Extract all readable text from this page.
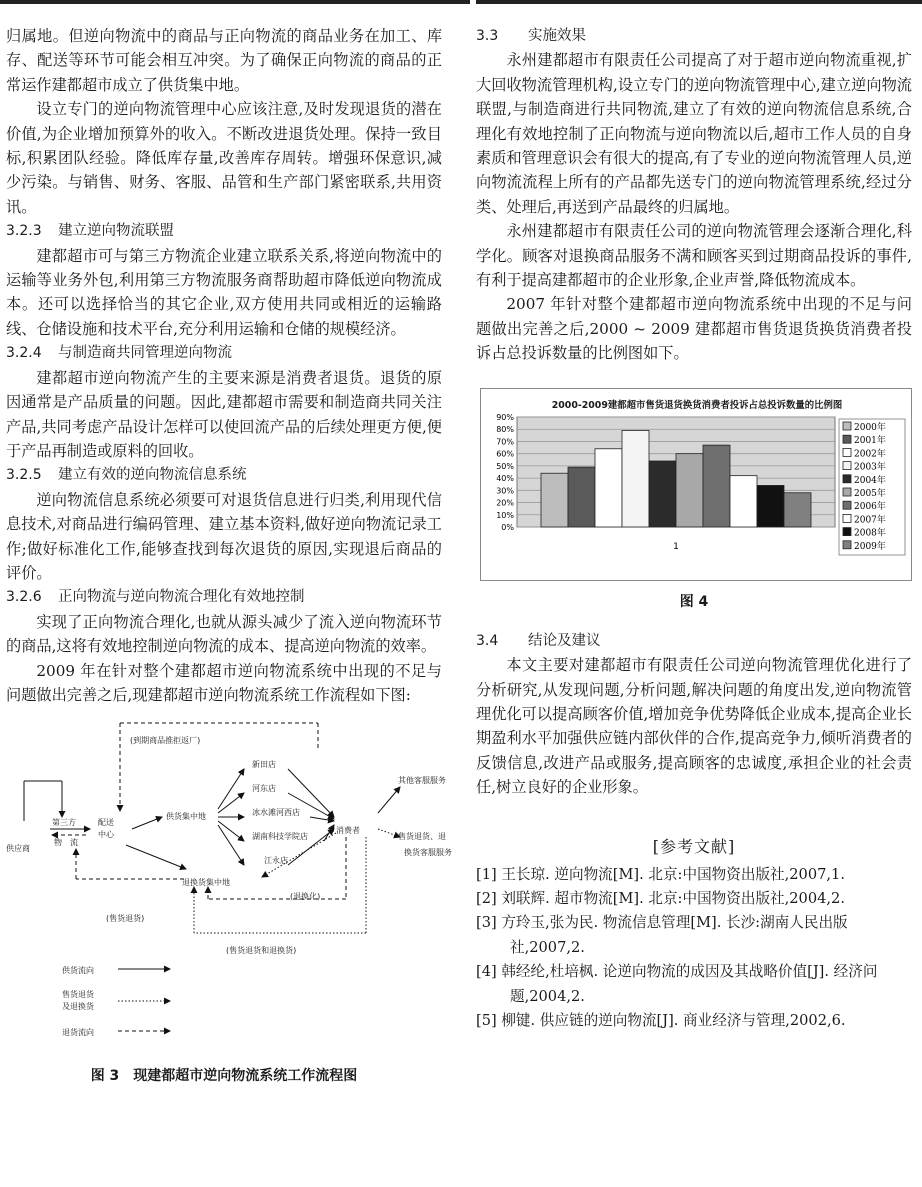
归属地。但逆向物流中的商品与正向物流的商品业务在加工、库存、配送等环节可能会相互冲突。为了确保正向物流的商品的正常运作建都超市成立了供货集中地。
设立专门的逆向物流管理中心应该注意,及时发现退货的潜在价值,为企业增加预算外的收入。不断改进退货处理。保持一致目标,积累团队经验。降低库存量,改善库存周转。增强环保意识,减少污染。与销售、财务、客服、品管和生产部门紧密联系,共用资讯。
3.2.3 建立逆向物流联盟
建都超市可与第三方物流企业建立联系关系,将逆向物流中的运输等业务外包,利用第三方物流服务商帮助超市降低逆向物流成本。还可以选择恰当的其它企业,双方使用共同或相近的运输路线、仓储设施和技术平台,充分利用运输和仓储的规模经济。
3.2.4 与制造商共同管理逆向物流
建都超市逆向物流产生的主要来源是消费者退货。退货的原因通常是产品质量的问题。因此,建都超市需要和制造商共同关注产品,共同考虑产品设计怎样可以使回流产品的后续处理更方便,便于产品再制造或原料的回收。
3.2.5 建立有效的逆向物流信息系统
逆向物流信息系统必须要可对退货信息进行归类,利用现代信息技术,对商品进行编码管理、建立基本资料,做好逆向物流记录工作;做好标准化工作,能够查找到每次退货的原因,实现退后商品的评价。
3.2.6 正向物流与逆向物流合理化有效地控制
实现了正向物流合理化,也就从源头减少了流入逆向物流环节的商品,这将有效地控制逆向物流的成本、提高逆向物流的效率。
2009 年在针对整个建都超市逆向物流系统中出现的不足与问题做出完善之后,现建都超市逆向物流系统工作流程如下图:
供应商
第三方
物　流
配送
中心
供货集中地
退换货集中地
消费者
新田店
河东店
冰水滩河西店
湖南科技学院店
江永店
其他客服服务
售货退货、退
换货客服服务
(到期商品推拒返厂)
(退换化)
(售货退货)
(售货退货和退换货)
供货流向
售货退货
及退换货
退货流向
图 3　现建都超市逆向物流系统工作流程图
3.3 实施效果
永州建都超市有限责任公司提高了对于超市逆向物流重视,扩大回收物流管理机构,设立专门的逆向物流管理中心,建立逆向物流联盟,与制造商进行共同物流,建立了有效的逆向物流信息系统,合理化有效地控制了正向物流与逆向物流以后,超市工作人员的自身素质和管理意识会有很大的提高,有了专业的逆向物流管理人员,逆向物流流程上所有的产品都先送专门的逆向物流管理系统,经过分类、处理后,再送到产品最终的归属地。
永州建都超市有限责任公司的逆向物流管理会逐渐合理化,科学化。顾客对退换商品服务不满和顾客买到过期商品投诉的事件,有利于提高建都超市的企业形象,企业声誉,降低物流成本。
2007 年针对整个建都超市逆向物流系统中出现的不足与问题做出完善之后,2000 ~ 2009 建都超市售货退货换货消费者投诉占总投诉数量的比例图如下。
2000-2009建都超市售货退货换货消费者投诉占总投诉数量的比例图
0%
10%
20%
30%
40%
50%
60%
70%
80%
90%
1
2000年
2001年
2002年
2003年
2004年
2005年
2006年
2007年
2008年
2009年
图 4
3.4 结论及建议
本文主要对建都超市有限责任公司逆向物流管理优化进行了分析研究,从发现问题,分析问题,解决问题的角度出发,逆向物流管理优化可以提高顾客价值,增加竞争优势降低企业成本,提高企业长期盈利水平加强供应链内部伙伴的合作,提高竞争力,倾听消费者的反馈信息,改进产品或服务,提高顾客的忠诚度,承担企业的社会责任,树立良好的企业形象。
[参考文献]
[1] 王长琼. 逆向物流[M]. 北京:中国物资出版社,2007,1.
[2] 刘联辉. 超市物流[M]. 北京:中国物资出版社,2004,2.
[3] 方玲玉,张为民. 物流信息管理[M]. 长沙:湖南人民出版社,2007,2.
[4] 韩经纶,杜培枫. 论逆向物流的成因及其战略价值[J]. 经济问题,2004,2.
[5] 柳键. 供应链的逆向物流[J]. 商业经济与管理,2002,6.
